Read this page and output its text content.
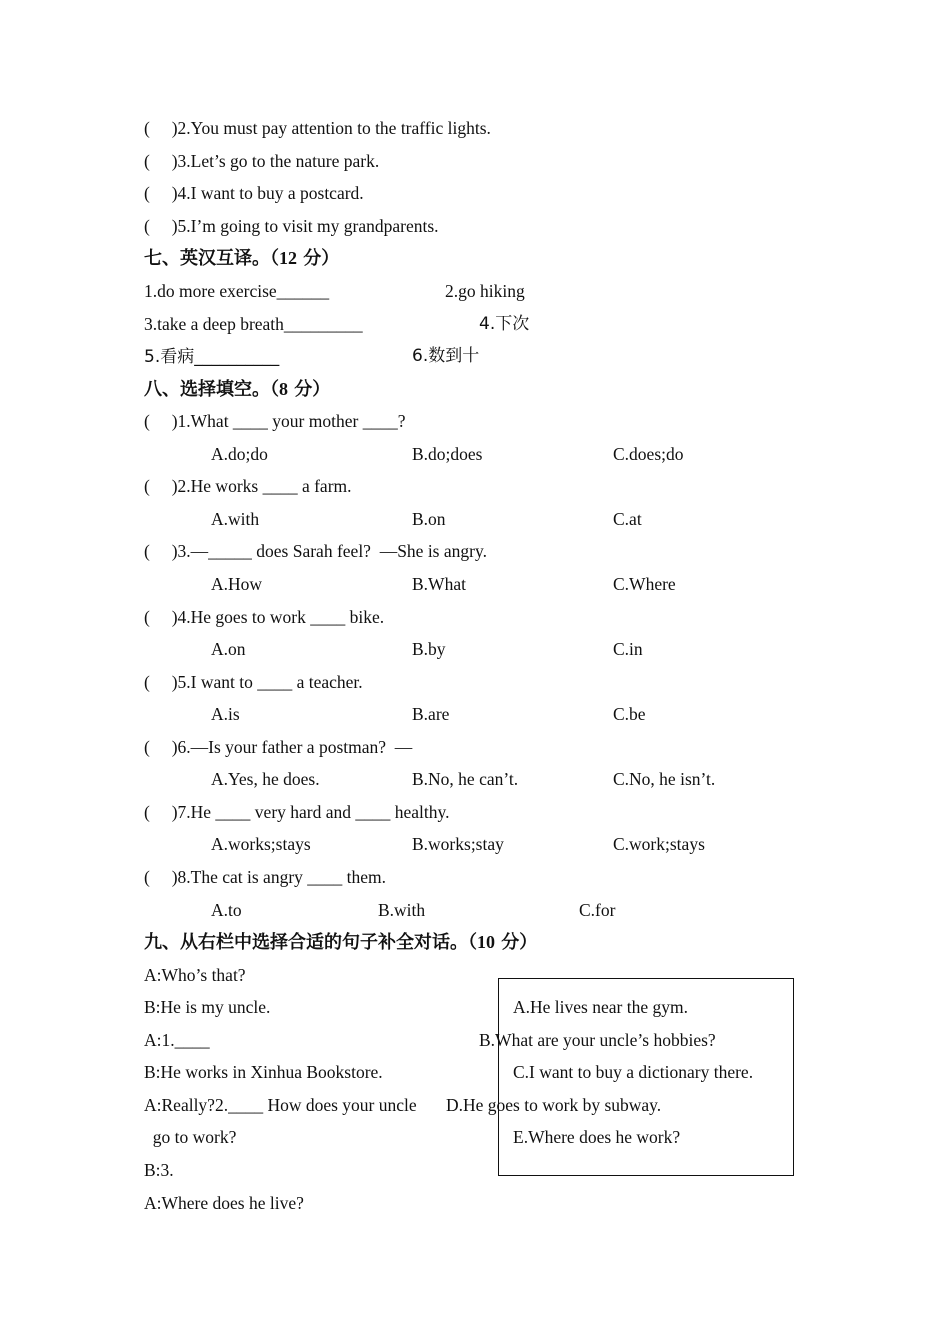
(     )2.You must pay attention to the traffic lights.
(     )3.Let’s go to the nature park.
(     )4.I want to buy a postcard.
(     )5.I’m going to visit my grandparents.
七、英汉互译。（12 分）
1.do more exercise______	2.go hiking
3.take a deep breath_________	4.下次
5.看病__________	6.数到十
八、选择填空。（8 分）
(     )1.What ____ your mother ____?
A.do;do	B.do;does	C.does;do
(     )2.He works ____ a farm.
A.with	B.on	C.at
(     )3.—_____ does Sarah feel?  —She is angry.
A.How	B.What	C.Where
(     )4.He goes to work ____ bike.
A.on	B.by	C.in
(     )5.I want to ____ a teacher.
A.is	B.are	C.be
(     )6.—Is your father a postman?  —
A.Yes, he does.	B.No, he can’t.	C.No, he isn’t.
(     )7.He ____ very hard and ____ healthy.
A.works;stays	B.works;stay	C.work;stays
(     )8.The cat is angry ____ them.
A.to	B.with	C.for
九、从右栏中选择合适的句子补全对话。（10 分）
A:Who’s that?
B:He is my uncle.
A:1.____
B:He works in Xinhua Bookstore.
A:Really?2.____ How does your uncle
go to work?
B:3.
A:Where does he live?
A.He lives near the gym.
B.What are your uncle’s hobbies?
C.I want to buy a dictionary there.
D.He goes to work by subway.
E.Where does he work?
